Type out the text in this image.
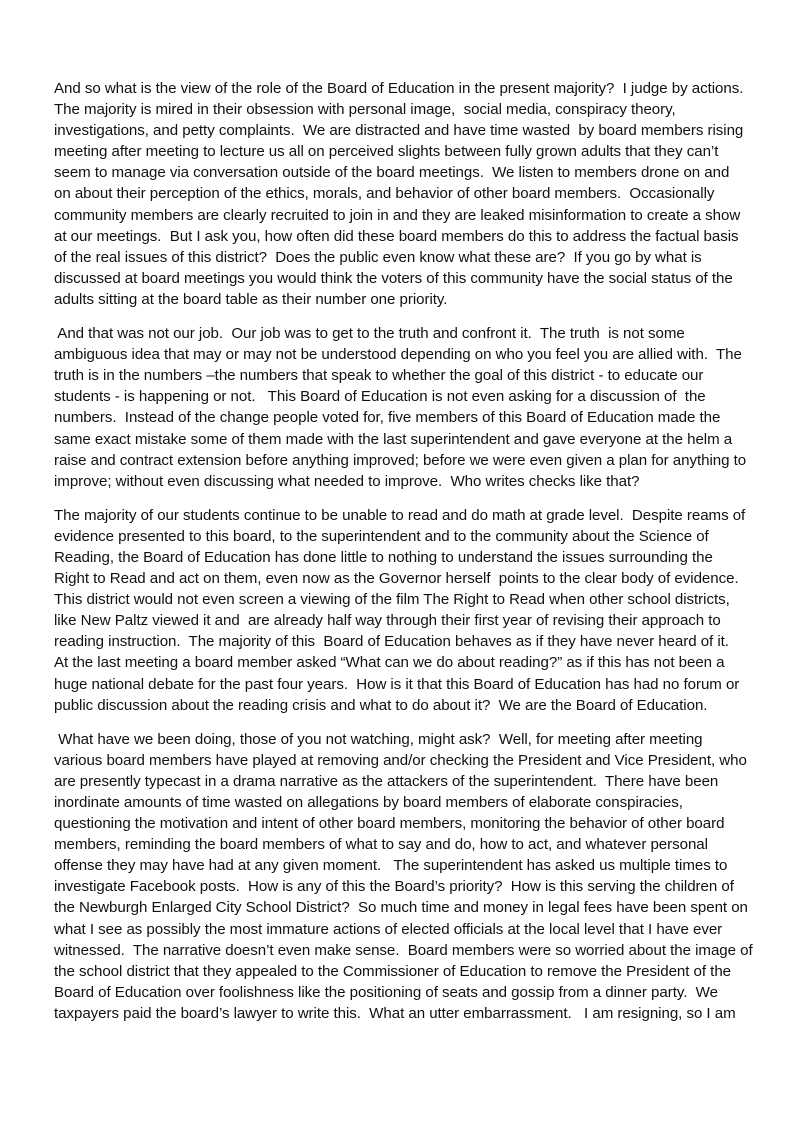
And so what is the view of the role of the Board of Education in the present majority?  I judge by actions.
The majority is mired in their obsession with personal image,  social media, conspiracy theory,
investigations, and petty complaints.  We are distracted and have time wasted  by board members rising
meeting after meeting to lecture us all on perceived slights between fully grown adults that they can’t
seem to manage via conversation outside of the board meetings.  We listen to members drone on and
on about their perception of the ethics, morals, and behavior of other board members.  Occasionally
community members are clearly recruited to join in and they are leaked misinformation to create a show
at our meetings.  But I ask you, how often did these board members do this to address the factual basis
of the real issues of this district?  Does the public even know what these are?  If you go by what is
discussed at board meetings you would think the voters of this community have the social status of the
adults sitting at the board table as their number one priority.

And that was not our job.  Our job was to get to the truth and confront it.  The truth  is not some
ambiguous idea that may or may not be understood depending on who you feel you are allied with.  The
truth is in the numbers –the numbers that speak to whether the goal of this district - to educate our
students - is happening or not.   This Board of Education is not even asking for a discussion of  the
numbers.  Instead of the change people voted for, five members of this Board of Education made the
same exact mistake some of them made with the last superintendent and gave everyone at the helm a
raise and contract extension before anything improved; before we were even given a plan for anything to
improve; without even discussing what needed to improve.  Who writes checks like that?

The majority of our students continue to be unable to read and do math at grade level.  Despite reams of
evidence presented to this board, to the superintendent and to the community about the Science of
Reading, the Board of Education has done little to nothing to understand the issues surrounding the
Right to Read and act on them, even now as the Governor herself  points to the clear body of evidence.
This district would not even screen a viewing of the film The Right to Read when other school districts,
like New Paltz viewed it and  are already half way through their first year of revising their approach to
reading instruction.  The majority of this  Board of Education behaves as if they have never heard of it.
At the last meeting a board member asked “What can we do about reading?” as if this has not been a
huge national debate for the past four years.  How is it that this Board of Education has had no forum or
public discussion about the reading crisis and what to do about it?  We are the Board of Education.

What have we been doing, those of you not watching, might ask?  Well, for meeting after meeting
various board members have played at removing and/or checking the President and Vice President, who
are presently typecast in a drama narrative as the attackers of the superintendent.  There have been
inordinate amounts of time wasted on allegations by board members of elaborate conspiracies,
questioning the motivation and intent of other board members, monitoring the behavior of other board
members, reminding the board members of what to say and do, how to act, and whatever personal
offense they may have had at any given moment.   The superintendent has asked us multiple times to
investigate Facebook posts.  How is any of this the Board’s priority?  How is this serving the children of
the Newburgh Enlarged City School District?  So much time and money in legal fees have been spent on
what I see as possibly the most immature actions of elected officials at the local level that I have ever
witnessed.  The narrative doesn’t even make sense.  Board members were so worried about the image of
the school district that they appealed to the Commissioner of Education to remove the President of the
Board of Education over foolishness like the positioning of seats and gossip from a dinner party.  We
taxpayers paid the board’s lawyer to write this.  What an utter embarrassment.   I am resigning, so I am
